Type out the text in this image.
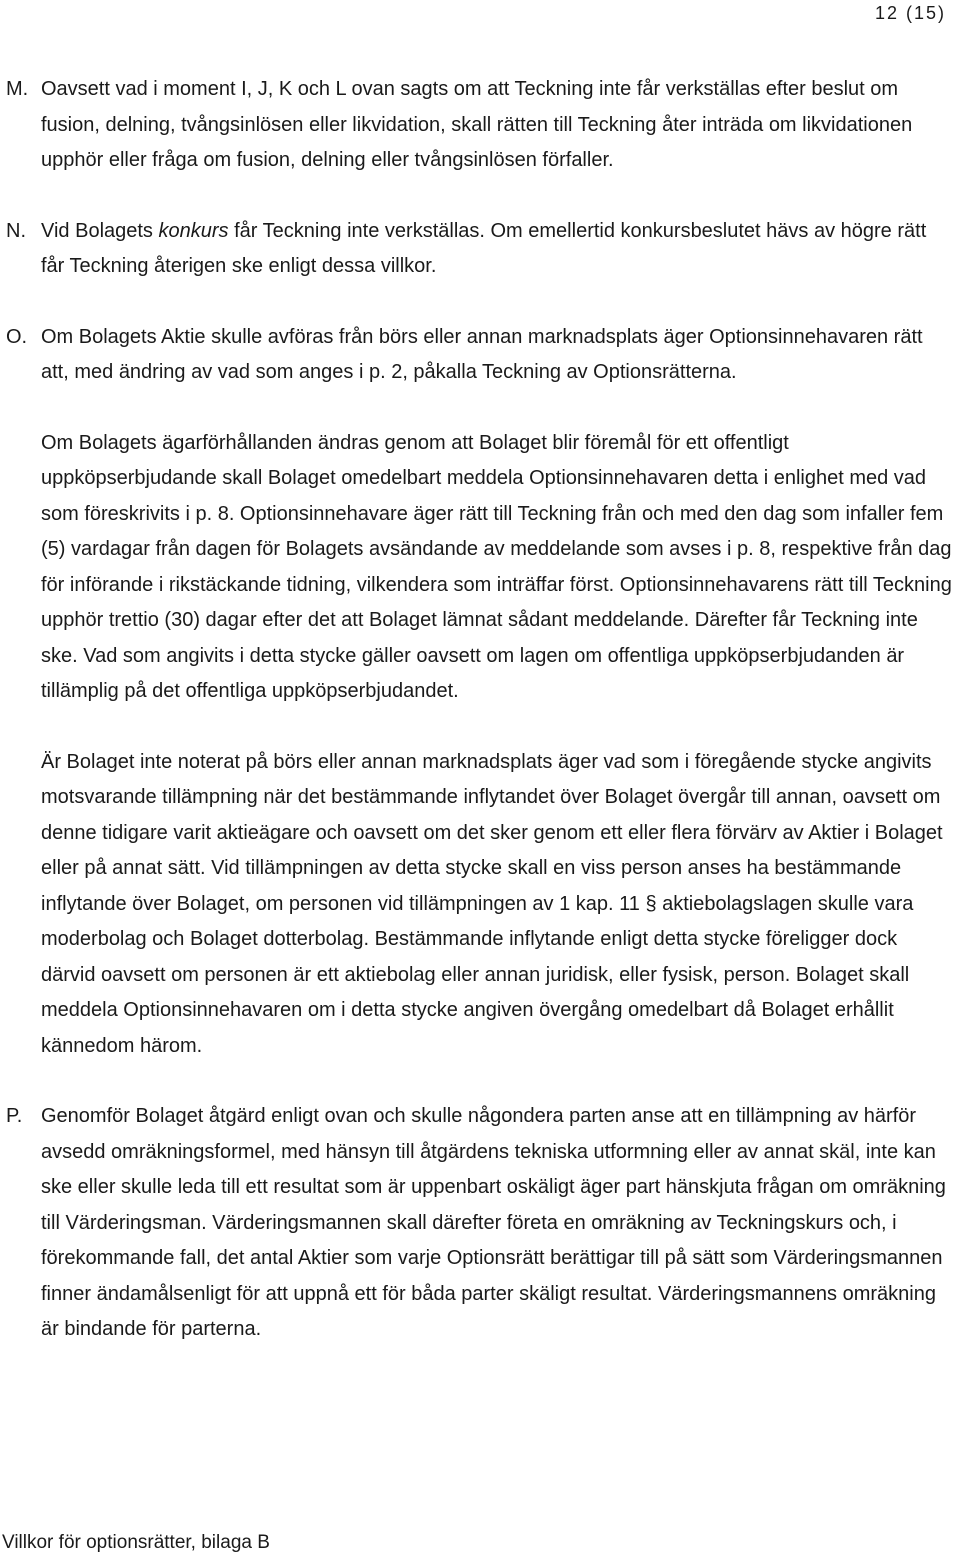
12 (15)

M. Oavsett vad i moment I, J, K och L ovan sagts om att Teckning inte får verkställas efter beslut om fusion, delning, tvångsinlösen eller likvidation, skall rätten till Teckning åter inträda om likvidationen upphör eller fråga om fusion, delning eller tvångsinlösen förfaller.

N. Vid Bolagets konkurs får Teckning inte verkställas. Om emellertid konkursbeslutet hävs av högre rätt får Teckning återigen ske enligt dessa villkor.

O. Om Bolagets Aktie skulle avföras från börs eller annan marknadsplats äger Optionsinnehavaren rätt att, med ändring av vad som anges i p. 2, påkalla Teckning av Optionsrätterna.

Om Bolagets ägarförhållanden ändras genom att Bolaget blir föremål för ett offentligt uppköpserbjudande skall Bolaget omedelbart meddela Optionsinnehavaren detta i enlighet med vad som föreskrivits i p. 8. Optionsinnehavare äger rätt till Teckning från och med den dag som infaller fem (5) vardagar från dagen för Bolagets avsändande av meddelande som avses i p. 8, respektive från dag för införande i rikstäckande tidning, vilkendera som inträffar först. Optionsinnehavarens rätt till Teckning upphör trettio (30) dagar efter det att Bolaget lämnat sådant meddelande. Därefter får Teckning inte ske. Vad som angivits i detta stycke gäller oavsett om lagen om offentliga uppköpserbjudanden är tillämplig på det offentliga uppköpserbjudandet.

Är Bolaget inte noterat på börs eller annan marknadsplats äger vad som i föregående stycke angivits motsvarande tillämpning när det bestämmande inflytandet över Bolaget övergår till annan, oavsett om denne tidigare varit aktieägare och oavsett om det sker genom ett eller flera förvärv av Aktier i Bolaget eller på annat sätt. Vid tillämpningen av detta stycke skall en viss person anses ha bestämmande inflytande över Bolaget, om personen vid tillämpningen av 1 kap. 11 § aktiebolagslagen skulle vara moderbolag och Bolaget dotterbolag. Bestämmande inflytande enligt detta stycke föreligger dock därvid oavsett om personen är ett aktiebolag eller annan juridisk, eller fysisk, person. Bolaget skall meddela Optionsinnehavaren om i detta stycke angiven övergång omedelbart då Bolaget erhållit kännedom härom.

P. Genomför Bolaget åtgärd enligt ovan och skulle någondera parten anse att en tillämpning av härför avsedd omräkningsformel, med hänsyn till åtgärdens tekniska utformning eller av annat skäl, inte kan ske eller skulle leda till ett resultat som är uppenbart oskäligt äger part hänskjuta frågan om omräkning till Värderingsman. Värderingsmannen skall därefter företa en omräkning av Teckningskurs och, i förekommande fall, det antal Aktier som varje Optionsrätt berättigar till på sätt som Värderingsmannen finner ändamålsenligt för att uppnå ett för båda parter skäligt resultat. Värderingsmannens omräkning är bindande för parterna.

Villkor för optionsrätter, bilaga B
